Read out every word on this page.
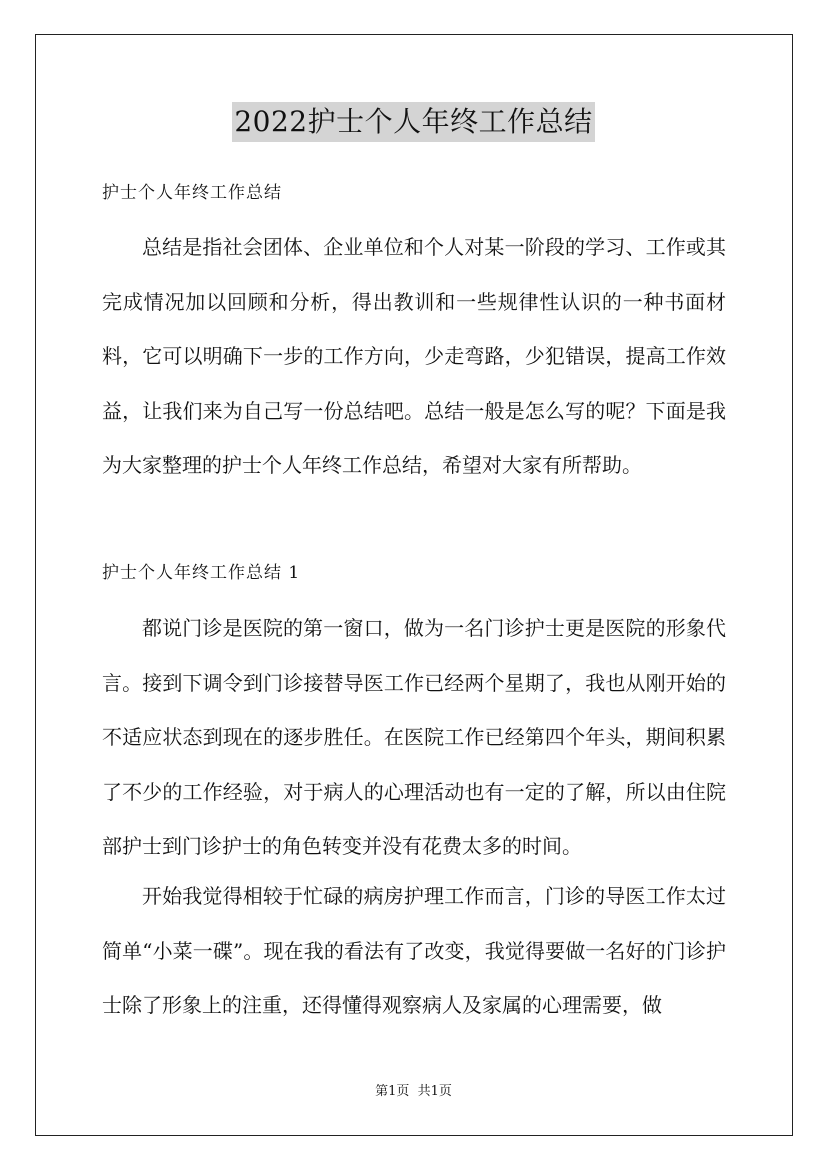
2022护士个人年终工作总结
护士个人年终工作总结

总结是指社会团体、企业单位和个人对某一阶段的学习、工作或其完成情况加以回顾和分析，得出教训和一些规律性认识的一种书面材料，它可以明确下一步的工作方向，少走弯路，少犯错误，提高工作效益，让我们来为自己写一份总结吧。总结一般是怎么写的呢？下面是我为大家整理的护士个人年终工作总结，希望对大家有所帮助。

护士个人年终工作总结 1

都说门诊是医院的第一窗口，做为一名门诊护士更是医院的形象代言。接到下调令到门诊接替导医工作已经两个星期了，我也从刚开始的不适应状态到现在的逐步胜任。在医院工作已经第四个年头，期间积累了不少的工作经验，对于病人的心理活动也有一定的了解，所以由住院部护士到门诊护士的角色转变并没有花费太多的时间。

开始我觉得相较于忙碌的病房护理工作而言，门诊的导医工作太过简单“小菜一碟”。现在我的看法有了改变，我觉得要做一名好的门诊护士除了形象上的注重，还得懂得观察病人及家属的心理需要，做

第1页  共1页
